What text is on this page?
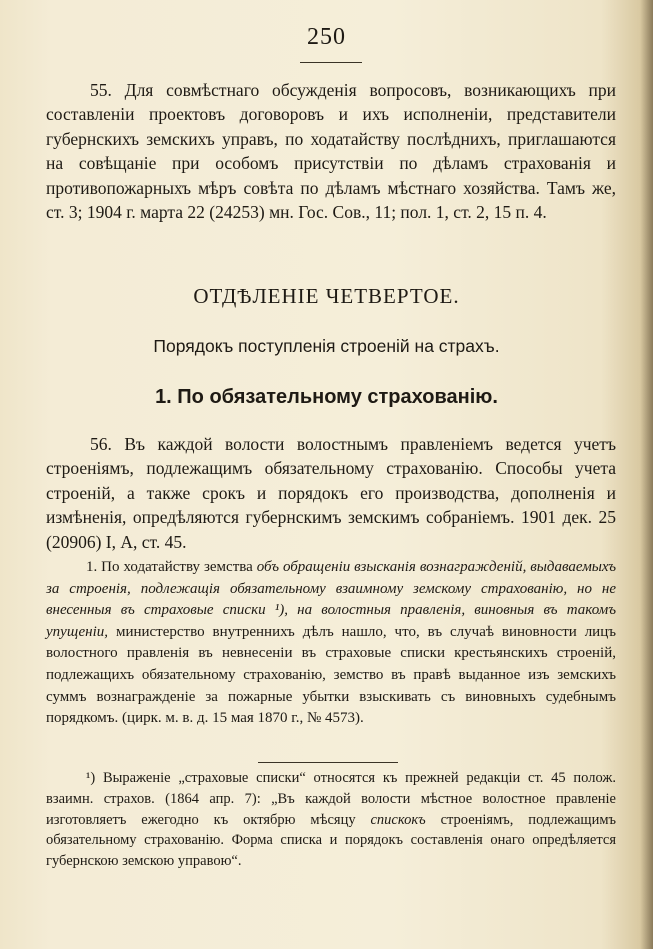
250

55. Для совмѣстнаго обсужденія вопросовъ, возникающихъ при составленіи проектовъ договоровъ и ихъ исполненіи, представители губернскихъ земскихъ управъ, по ходатайству послѣднихъ, приглашаются на совѣщаніе при особомъ присутствіи по дѣламъ страхованія и противопожарныхъ мѣръ совѣта по дѣламъ мѣстнаго хозяйства. Тамъ же, ст. 3; 1904 г. марта 22 (24253) мн. Гос. Сов., 11; пол. 1, ст. 2, 15 п. 4.

ОТДѢЛЕНІЕ ЧЕТВЕРТОЕ.
Порядокъ поступленія строеній на страхъ.
1. По обязательному страхованію.

56. Въ каждой волости волостнымъ правленіемъ ведется учетъ строеніямъ, подлежащимъ обязательному страхованію. Способы учета строеній, а также срокъ и порядокъ его производства, дополненія и измѣненія, опредѣляются губернскимъ земскимъ собраніемъ. 1901 дек. 25 (20906) I, А, ст. 45.

1. По ходатайству земства объ обращеніи взысканія вознагражденій, выдаваемыхъ за строенія, подлежащія обязательному взаимному земскому страхованію, но не внесенныя въ страховые списки ¹), на волостныя правленія, виновныя въ такомъ упущеніи, министерство внутреннихъ дѣлъ нашло, что, въ случаѣ виновности лицъ волостного правленія въ невнесеніи въ страховые списки крестьянскихъ строеній, подлежащихъ обязательному страхованію, земство въ правѣ выданное изъ земскихъ суммъ вознагражденіе за пожарные убытки взыскивать съ виновныхъ судебнымъ порядкомъ. (цирк. м. в. д. 15 мая 1870 г., № 4573).

¹) Выраженіе „страховые списки“ относятся къ прежней редакціи ст. 45 полож. взаимн. страхов. (1864 апр. 7): „Въ каждой волости мѣстное волостное правленіе изготовляетъ ежегодно къ октябрю мѣсяцу спискокъ строеніямъ, подлежащимъ обязательному страхованію. Форма списка и порядокъ составленія онаго опредѣляется губернскою земскою управою“.
